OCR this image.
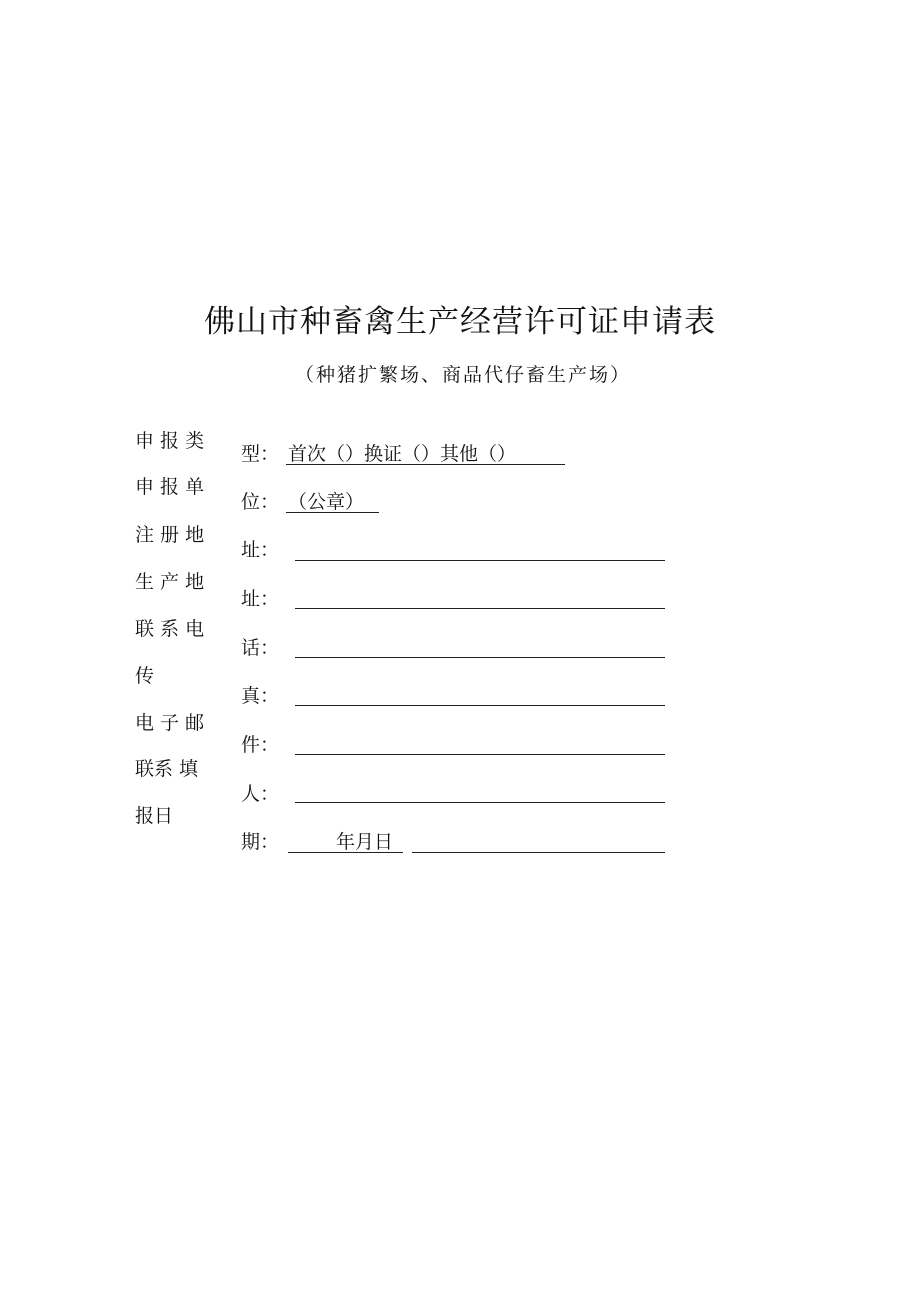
佛山市种畜禽生产经营许可证申请表
（种猪扩繁场、商品代仔畜生产场）
申 报 类
申 报 单
注 册 地
生 产 地
联 系 电
传
电 子 邮
联系 填
报日
型：
位：
址：
址：
话：
真：
件：
人：
期：
首次（）换证（）其他（）
（公章）
年月日
